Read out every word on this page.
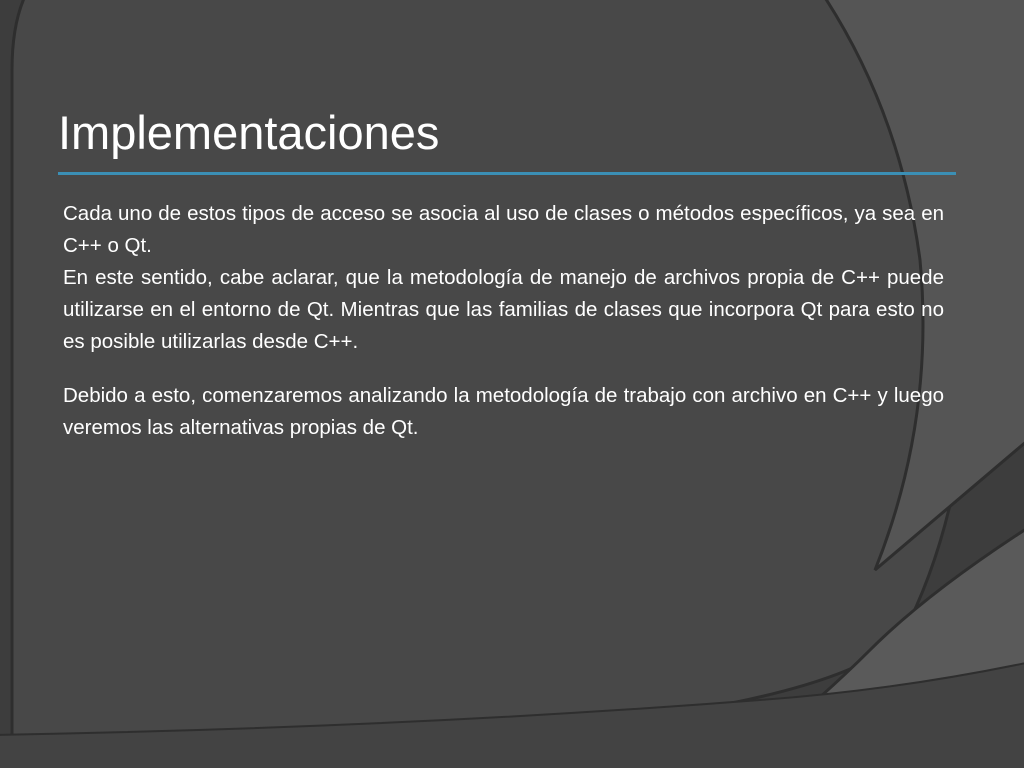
Implementaciones

Cada uno de estos tipos de acceso se asocia al uso de clases o métodos específicos, ya sea en C++ o Qt.

En este sentido, cabe aclarar, que la metodología de manejo de archivos propia de C++ puede utilizarse en el entorno de Qt. Mientras que las familias de clases que incorpora Qt para esto no es posible utilizarlas desde C++.

Debido a esto, comenzaremos analizando la metodología de trabajo con archivo en C++ y luego veremos las alternativas propias de Qt.
